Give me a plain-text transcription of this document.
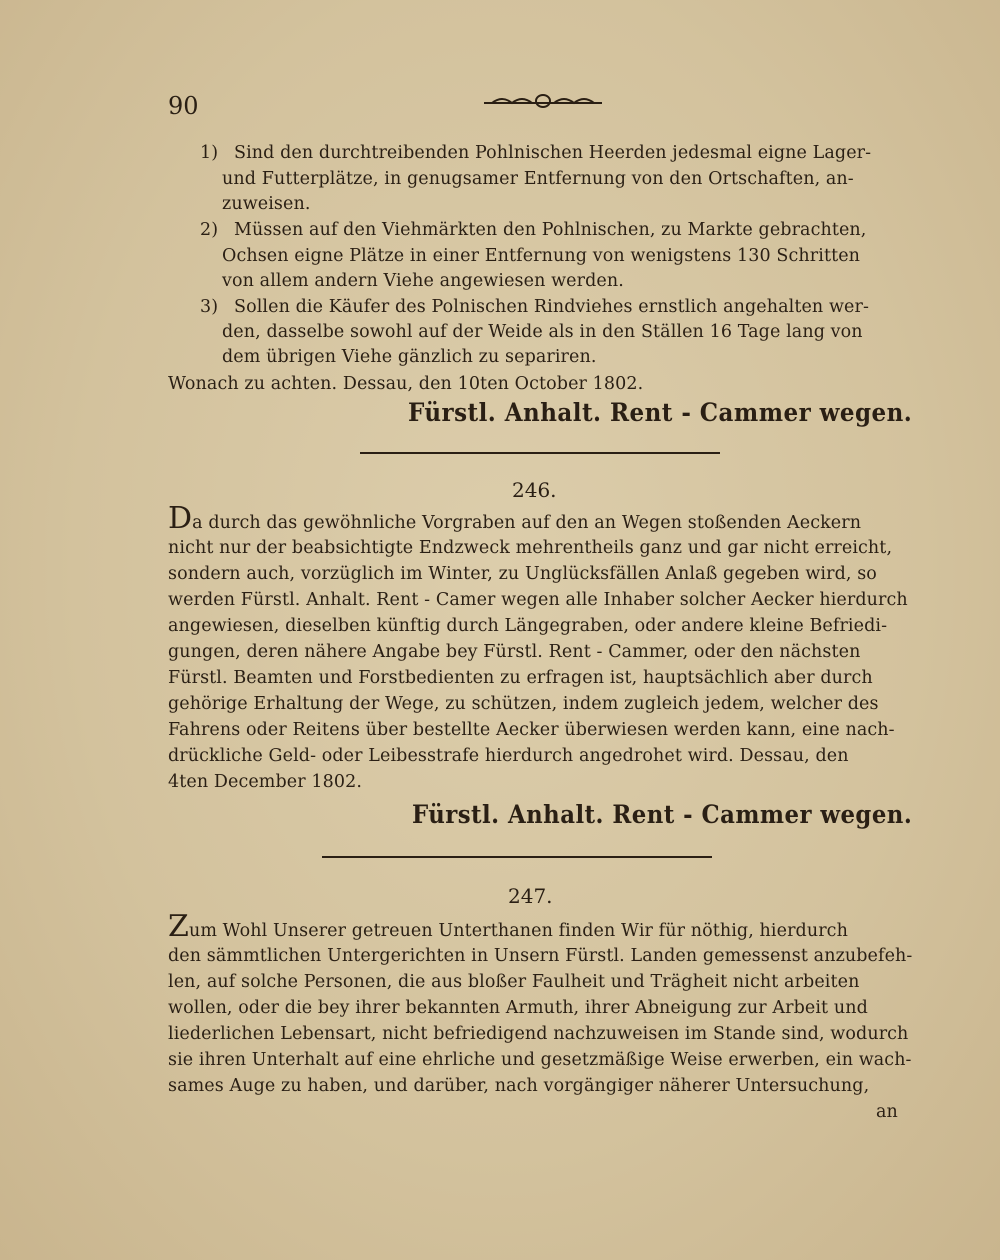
90
1) Sind den durchtreibenden Pohlnischen Heerden jedesmal eigne Lager-
und Futterplätze, in genugsamer Entfernung von den Ortschaften, an-
zuweisen.
2) Müssen auf den Viehmärkten den Pohlnischen, zu Markte gebrachten,
Ochsen eigne Plätze in einer Entfernung von wenigstens 130 Schritten
von allem andern Viehe angewiesen werden.
3) Sollen die Käufer des Polnischen Rindviehes ernstlich angehalten wer-
den, dasselbe sowohl auf der Weide als in den Ställen 16 Tage lang von
dem übrigen Viehe gänzlich zu separiren.
Wonach zu achten. Dessau, den 10ten October 1802.
Fürstl. Anhalt. Rent - Cammer wegen.
246.
Da durch das gewöhnliche Vorgraben auf den an Wegen stoßenden Aeckern
nicht nur der beabsichtigte Endzweck mehrentheils ganz und gar nicht erreicht,
sondern auch, vorzüglich im Winter, zu Unglücksfällen Anlaß gegeben wird, so
werden Fürstl. Anhalt. Rent - Camer wegen alle Inhaber solcher Aecker hierdurch
angewiesen, dieselben künftig durch Längegraben, oder andere kleine Befriedi-
gungen, deren nähere Angabe bey Fürstl. Rent - Cammer, oder den nächsten
Fürstl. Beamten und Forstbedienten zu erfragen ist, hauptsächlich aber durch
gehörige Erhaltung der Wege, zu schützen, indem zugleich jedem, welcher des
Fahrens oder Reitens über bestellte Aecker überwiesen werden kann, eine nach-
drückliche Geld- oder Leibesstrafe hierdurch angedrohet wird. Dessau, den
4ten December 1802.
Fürstl. Anhalt. Rent - Cammer wegen.
247.
Zum Wohl Unserer getreuen Unterthanen finden Wir für nöthig, hierdurch
den sämmtlichen Untergerichten in Unsern Fürstl. Landen gemessenst anzubefeh-
len, auf solche Personen, die aus bloßer Faulheit und Trägheit nicht arbeiten
wollen, oder die bey ihrer bekannten Armuth, ihrer Abneigung zur Arbeit und
liederlichen Lebensart, nicht befriedigend nachzuweisen im Stande sind, wodurch
sie ihren Unterhalt auf eine ehrliche und gesetzmäßige Weise erwerben, ein wach-
sames Auge zu haben, und darüber, nach vorgängiger näherer Untersuchung,
an
